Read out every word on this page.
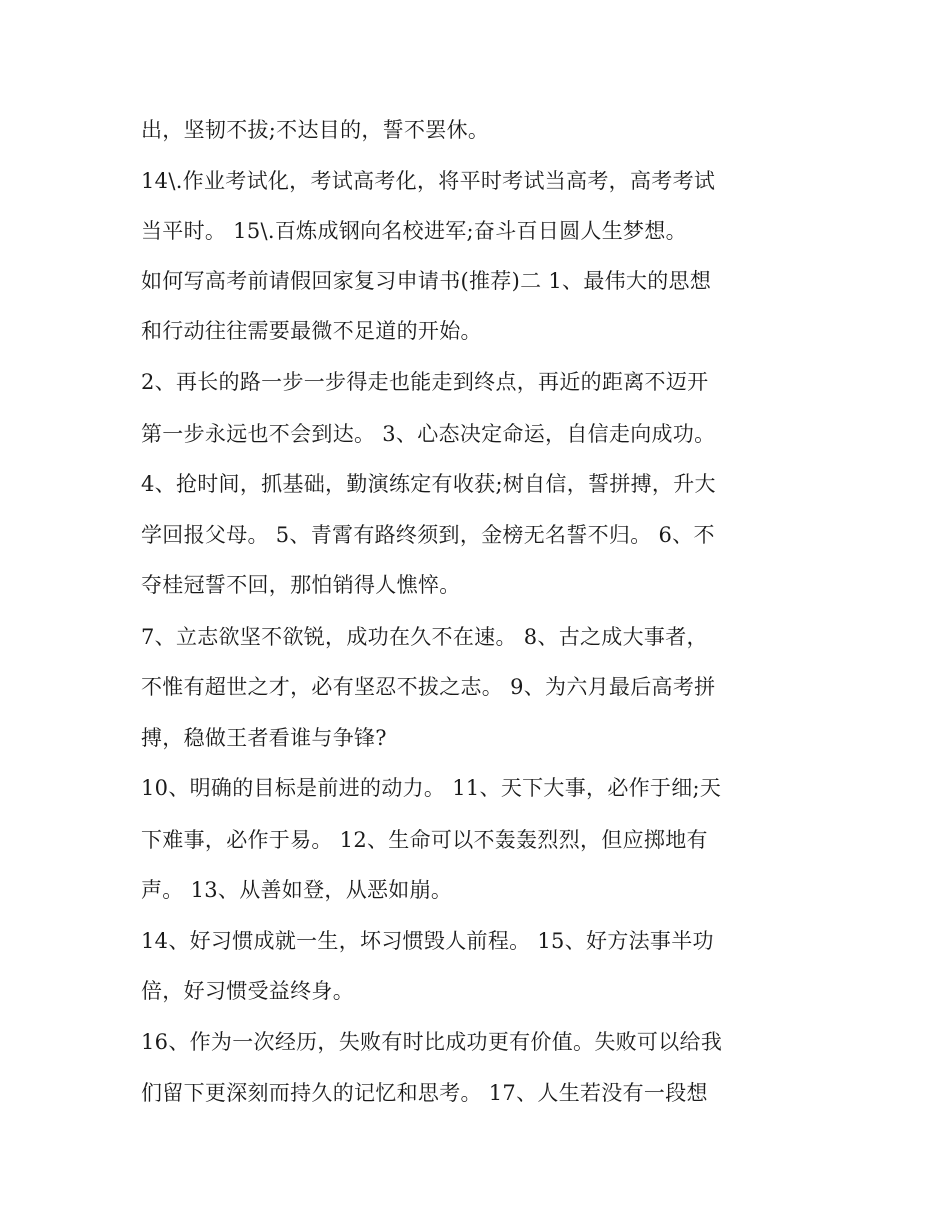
出，坚韧不拔;不达目的，誓不罢休。

14\.作业考试化，考试高考化，将平时考试当高考，高考考试

当平时。 15\.百炼成钢向名校进军;奋斗百日圆人生梦想。

如何写高考前请假回家复习申请书(推荐)二 1、最伟大的思想

和行动往往需要最微不足道的开始。

2、再长的路一步一步得走也能走到终点，再近的距离不迈开

第一步永远也不会到达。 3、心态决定命运，自信走向成功。

4、抢时间，抓基础，勤演练定有收获;树自信，誓拼搏，升大

学回报父母。 5、青霄有路终须到，金榜无名誓不归。 6、不

夺桂冠誓不回，那怕销得人憔悴。

7、立志欲坚不欲锐，成功在久不在速。 8、古之成大事者，

不惟有超世之才，必有坚忍不拔之志。 9、为六月最后高考拼

搏，稳做王者看谁与争锋?

10、明确的目标是前进的动力。 11、天下大事，必作于细;天

下难事，必作于易。 12、生命可以不轰轰烈烈，但应掷地有

声。 13、从善如登，从恶如崩。

14、好习惯成就一生，坏习惯毁人前程。 15、好方法事半功

倍，好习惯受益终身。

16、作为一次经历，失败有时比成功更有价值。失败可以给我

们留下更深刻而持久的记忆和思考。 17、人生若没有一段想
